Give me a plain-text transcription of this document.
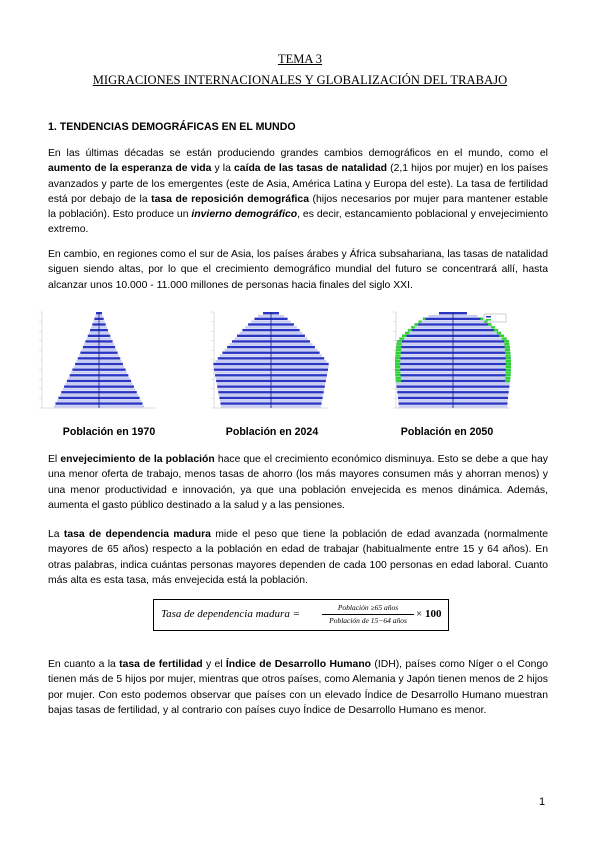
TEMA 3
MIGRACIONES INTERNACIONALES Y GLOBALIZACIÓN DEL TRABAJO
1. TENDENCIAS DEMOGRÁFICAS EN EL MUNDO

En las últimas décadas se están produciendo grandes cambios demográficos en el mundo, como el aumento de la esperanza de vida y la caída de las tasas de natalidad (2,1 hijos por mujer) en los países avanzados y parte de los emergentes (este de Asia, América Latina y Europa del este). La tasa de fertilidad está por debajo de la tasa de reposición demográfica (hijos necesarios por mujer para mantener estable la población). Esto produce un invierno demográfico, es decir, estancamiento poblacional y envejecimiento extremo.

En cambio, en regiones como el sur de Asia, los países árabes y África subsahariana, las tasas de natalidad siguen siendo altas, por lo que el crecimiento demográfico mundial del futuro se concentrará allí, hasta alcanzar unos 10.000 - 11.000 millones de personas hacia finales del siglo XXI.

Población en 1970	Población en 2024	Población en 2050

El envejecimiento de la población hace que el crecimiento económico disminuya. Esto se debe a que hay una menor oferta de trabajo, menos tasas de ahorro (los más mayores consumen más y ahorran menos) y una menor productividad e innovación, ya que una población envejecida es menos dinámica. Además, aumenta el gasto público destinado a la salud y a las pensiones.

La tasa de dependencia madura mide el peso que tiene la población de edad avanzada (normalmente mayores de 65 años) respecto a la población en edad de trabajar (habitualmente entre 15 y 64 años). En otras palabras, indica cuántas personas mayores dependen de cada 100 personas en edad laboral. Cuanto más alta es esta tasa, más envejecida está la población.

Tasa de dependencia madura =
Población ≥65 años
Población de 15−64 años
× 100

En cuanto a la tasa de fertilidad y el Índice de Desarrollo Humano (IDH), países como Níger o el Congo tienen más de 5 hijos por mujer, mientras que otros países, como Alemania y Japón tienen menos de 2 hijos por mujer. Con esto podemos observar que países con un elevado Índice de Desarrollo Humano muestran bajas tasas de fertilidad, y al contrario con países cuyo Índice de Desarrollo Humano es menor.

1
